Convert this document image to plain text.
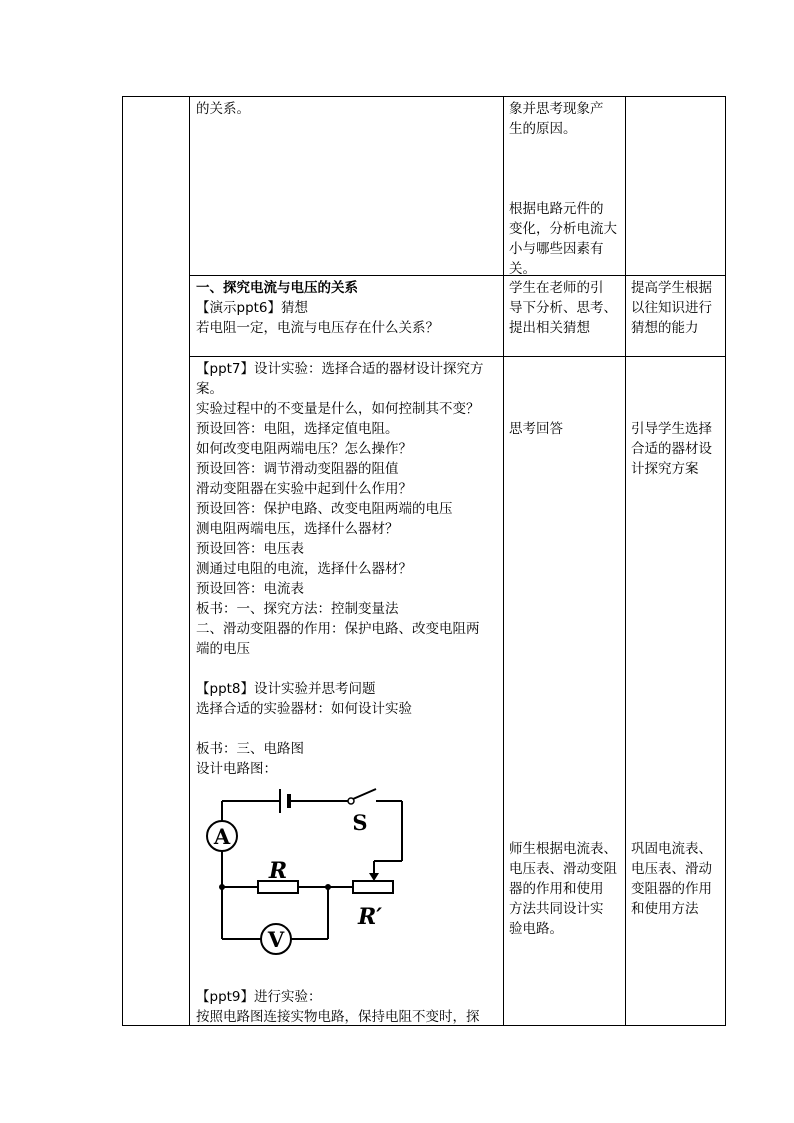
的关系。	象并思考现象产

生的原因。

根据电路元件的

变化，分析电流大

小与哪些因素有

关。

一、探究电流与电压的关系

【演示ppt6】猜想

若电阻一定，电流与电压存在什么关系？

学生在老师的引

导下分析、思考、

提出相关猜想

提高学生根据

以往知识进行

猜想的能力

【ppt7】设计实验：选择合适的器材设计探究方

案。

实验过程中的不变量是什么，如何控制其不变？

预设回答：电阻，选择定值电阻。

如何改变电阻两端电压？怎么操作？

预设回答：调节滑动变阻器的阻值

滑动变阻器在实验中起到什么作用？

预设回答：保护电路、改变电阻两端的电压

测电阻两端电压，选择什么器材？

预设回答：电压表

测通过电阻的电流，选择什么器材？

预设回答：电流表

板书：一、探究方法：控制变量法

二、滑动变阻器的作用：保护电路、改变电阻两

端的电压

【ppt8】设计实验并思考问题

选择合适的实验器材：如何设计实验

板书：三、电路图

设计电路图：

A
V
S
R
R′

【ppt9】进行实验：

按照电路图连接实物电路，保持电阻不变时，探

思考回答	引导学生选择

合适的器材设

计探究方案

师生根据电流表、

电压表、滑动变阻

器的作用和使用

方法共同设计实

验电路。

巩固电流表、

电压表、滑动

变阻器的作用

和使用方法
